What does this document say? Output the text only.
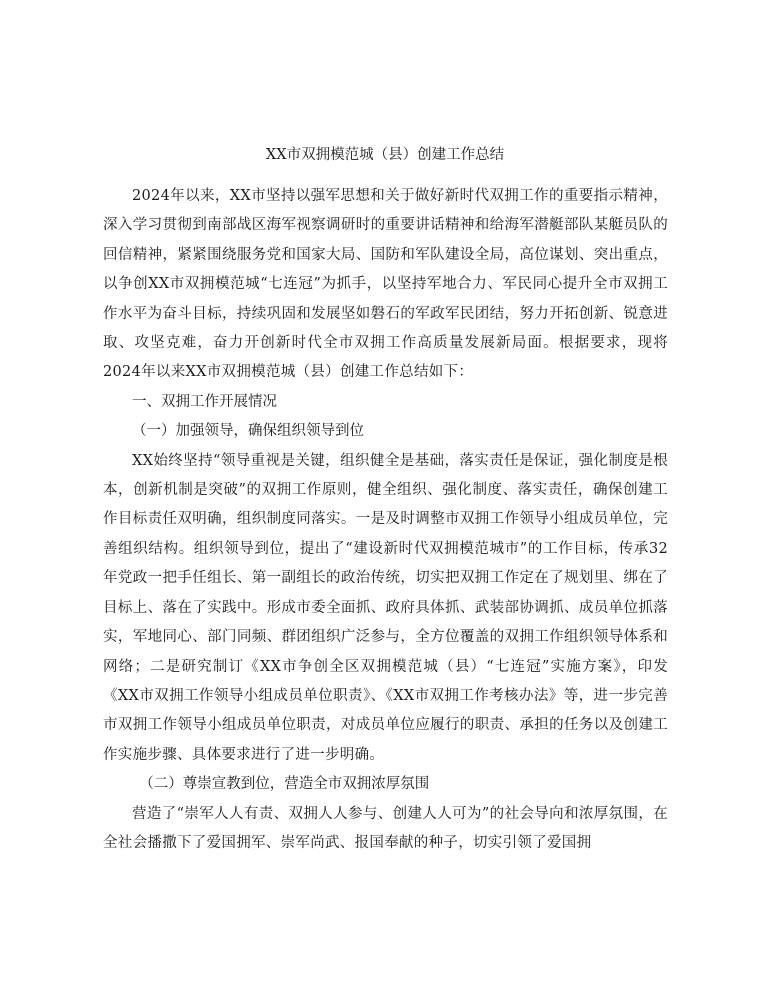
XX市双拥模范城（县）创建工作总结

2024年以来，XX市坚持以强军思想和关于做好新时代双拥工作的重要指示精神，深入学习贯彻到南部战区海军视察调研时的重要讲话精神和给海军潜艇部队某艇员队的回信精神，紧紧围绕服务党和国家大局、国防和军队建设全局，高位谋划、突出重点，以争创XX市双拥模范城“七连冠”为抓手，以坚持军地合力、军民同心提升全市双拥工作水平为奋斗目标，持续巩固和发展坚如磐石的军政军民团结，努力开拓创新、锐意进取、攻坚克难，奋力开创新时代全市双拥工作高质量发展新局面。根据要求，现将2024年以来XX市双拥模范城（县）创建工作总结如下：

一、双拥工作开展情况

（一）加强领导，确保组织领导到位

XX始终坚持“领导重视是关键，组织健全是基础，落实责任是保证，强化制度是根本，创新机制是突破”的双拥工作原则，健全组织、强化制度、落实责任，确保创建工作目标责任双明确，组织制度同落实。一是及时调整市双拥工作领导小组成员单位，完善组织结构。组织领导到位，提出了“建设新时代双拥模范城市”的工作目标，传承32年党政一把手任组长、第一副组长的政治传统，切实把双拥工作定在了规划里、绑在了目标上、落在了实践中。形成市委全面抓、政府具体抓、武装部协调抓、成员单位抓落实，军地同心、部门同频、群团组织广泛参与，全方位覆盖的双拥工作组织领导体系和网络；二是研究制订《XX市争创全区双拥模范城（县）“七连冠”实施方案》，印发《XX市双拥工作领导小组成员单位职责》、《XX市双拥工作考核办法》等，进一步完善市双拥工作领导小组成员单位职责，对成员单位应履行的职责、承担的任务以及创建工作实施步骤、具体要求进行了进一步明确。

（二）尊崇宣教到位，营造全市双拥浓厚氛围

营造了“崇军人人有责、双拥人人参与、创建人人可为”的社会导向和浓厚氛围，在全社会播撒下了爱国拥军、崇军尚武、报国奉献的种子，切实引领了爱国拥
